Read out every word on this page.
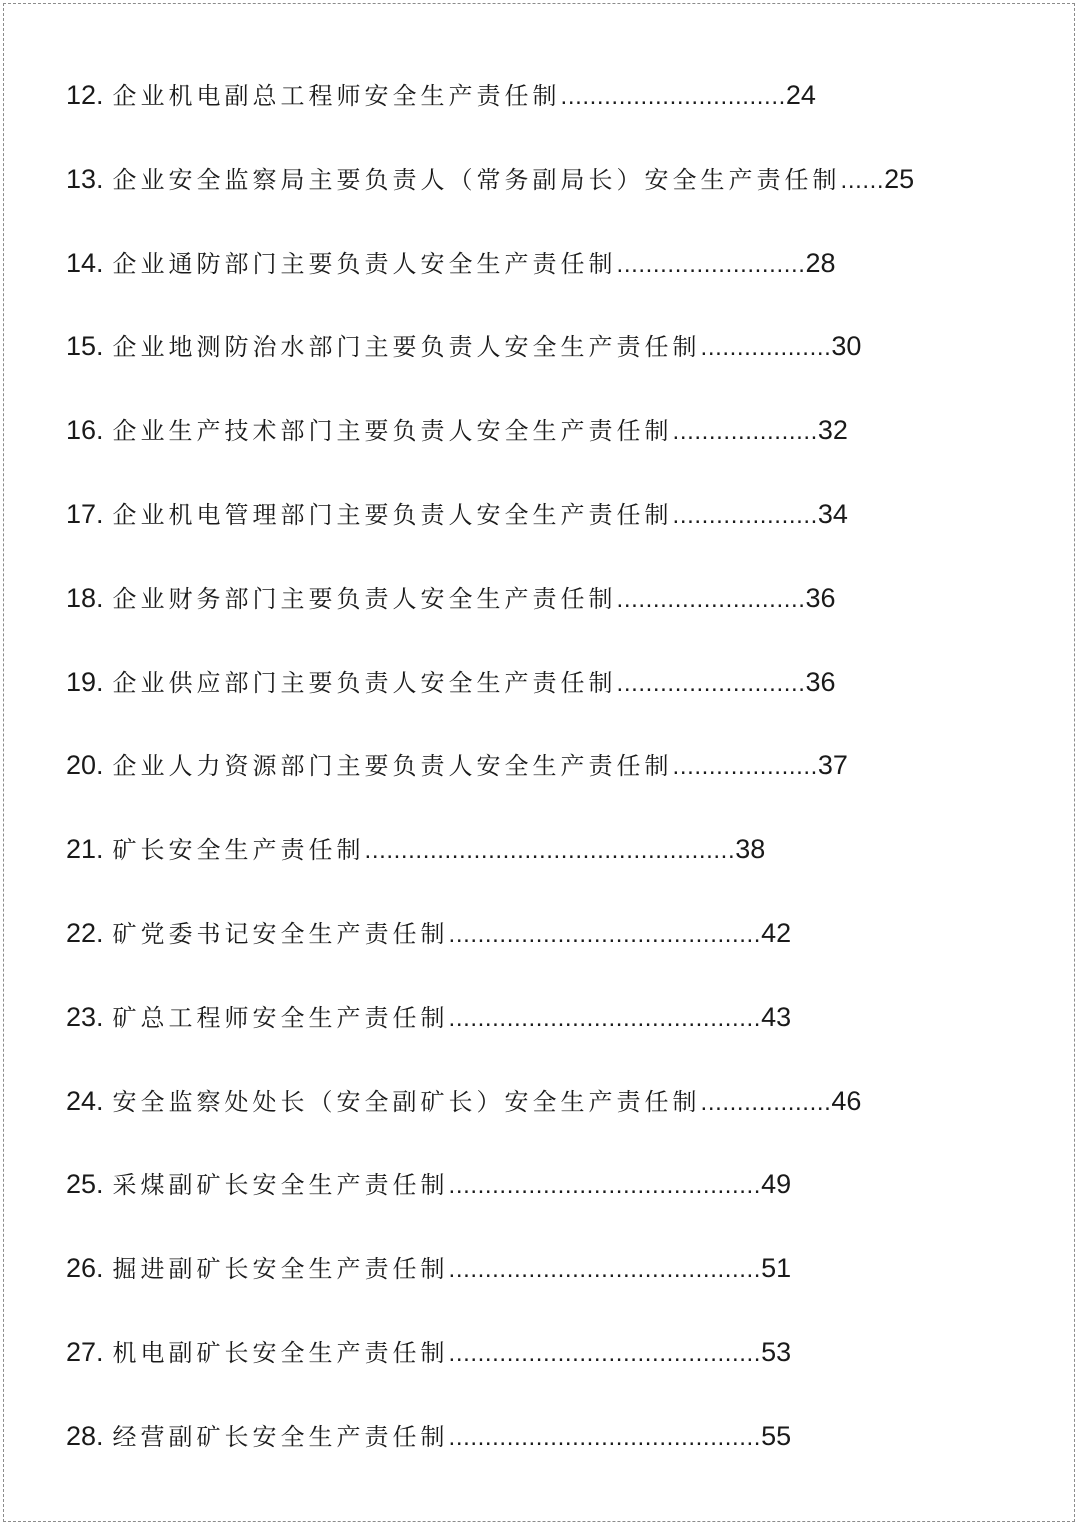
12. 企业机电副总工程师安全生产责任制 ............................... 24
13. 企业安全监察局主要负责人（常务副局长）安全生产责任制 ...... 25
14. 企业通防部门主要负责人安全生产责任制 .......................... 28
15. 企业地测防治水部门主要负责人安全生产责任制 .................. 30
16. 企业生产技术部门主要负责人安全生产责任制 .................... 32
17. 企业机电管理部门主要负责人安全生产责任制 .................... 34
18. 企业财务部门主要负责人安全生产责任制 .......................... 36
19. 企业供应部门主要负责人安全生产责任制 .......................... 36
20. 企业人力资源部门主要负责人安全生产责任制 .................... 37
21. 矿长安全生产责任制 ................................................... 38
22. 矿党委书记安全生产责任制 ........................................... 42
23. 矿总工程师安全生产责任制 ........................................... 43
24. 安全监察处处长（安全副矿长）安全生产责任制 .................. 46
25. 采煤副矿长安全生产责任制 ........................................... 49
26. 掘进副矿长安全生产责任制 ........................................... 51
27. 机电副矿长安全生产责任制 ........................................... 53
28. 经营副矿长安全生产责任制 ........................................... 55
